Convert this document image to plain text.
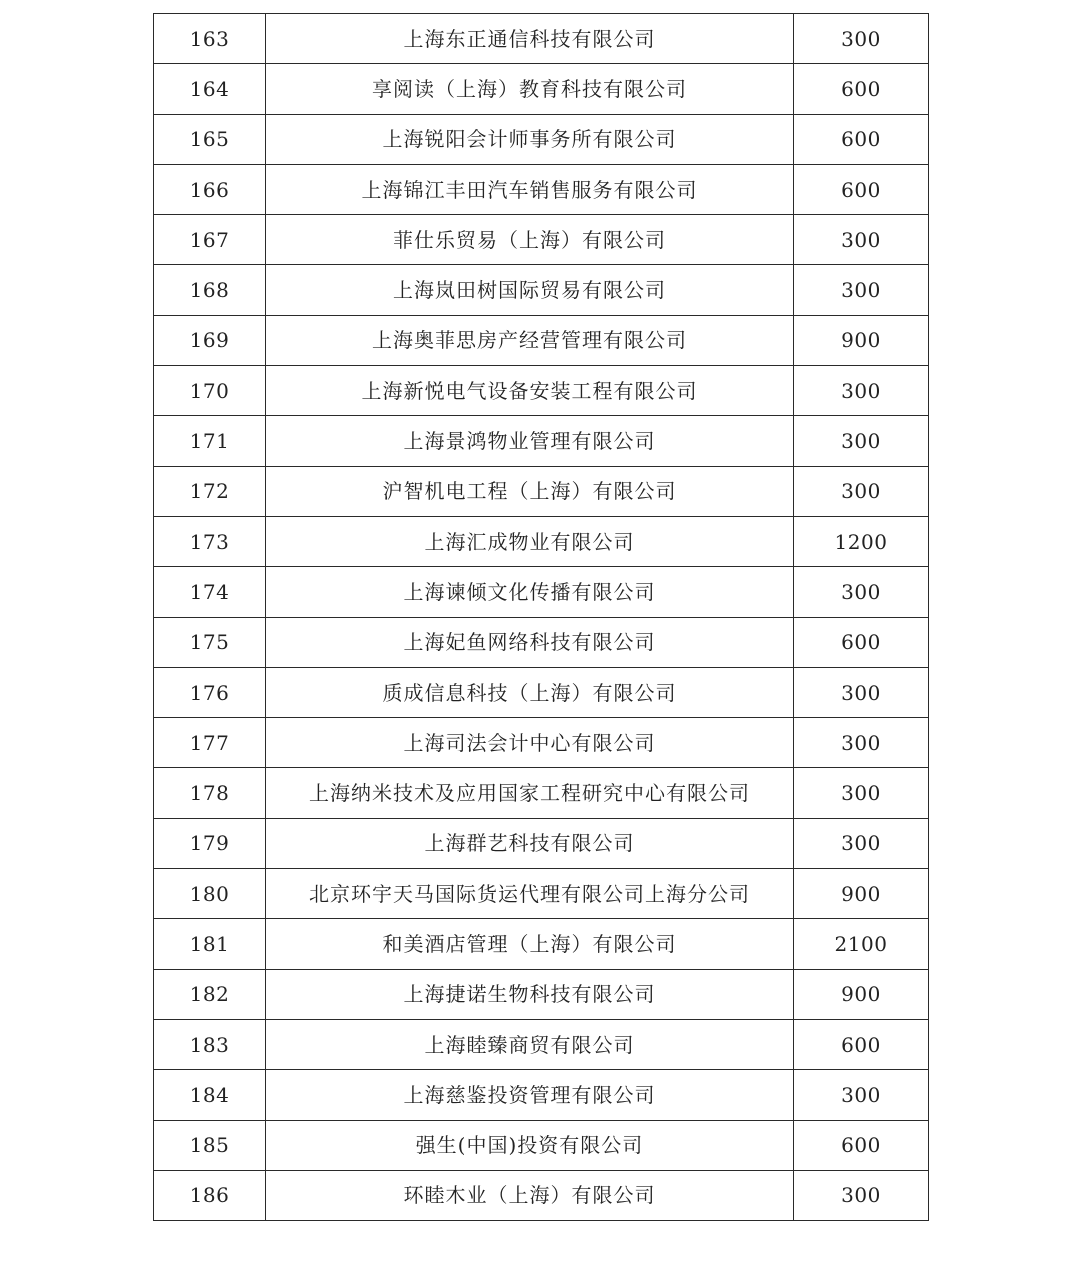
163	上海东正通信科技有限公司	300
164	享阅读（上海）教育科技有限公司	600
165	上海锐阳会计师事务所有限公司	600
166	上海锦江丰田汽车销售服务有限公司	600
167	菲仕乐贸易（上海）有限公司	300
168	上海岚田树国际贸易有限公司	300
169	上海奥菲思房产经营管理有限公司	900
170	上海新悦电气设备安装工程有限公司	300
171	上海景鸿物业管理有限公司	300
172	沪智机电工程（上海）有限公司	300
173	上海汇成物业有限公司	1200
174	上海谏倾文化传播有限公司	300
175	上海妃鱼网络科技有限公司	600
176	质成信息科技（上海）有限公司	300
177	上海司法会计中心有限公司	300
178	上海纳米技术及应用国家工程研究中心有限公司	300
179	上海群艺科技有限公司	300
180	北京环宇天马国际货运代理有限公司上海分公司	900
181	和美酒店管理（上海）有限公司	2100
182	上海捷诺生物科技有限公司	900
183	上海睦臻商贸有限公司	600
184	上海慈鉴投资管理有限公司	300
185	强生(中国)投资有限公司	600
186	环睦木业（上海）有限公司	300
